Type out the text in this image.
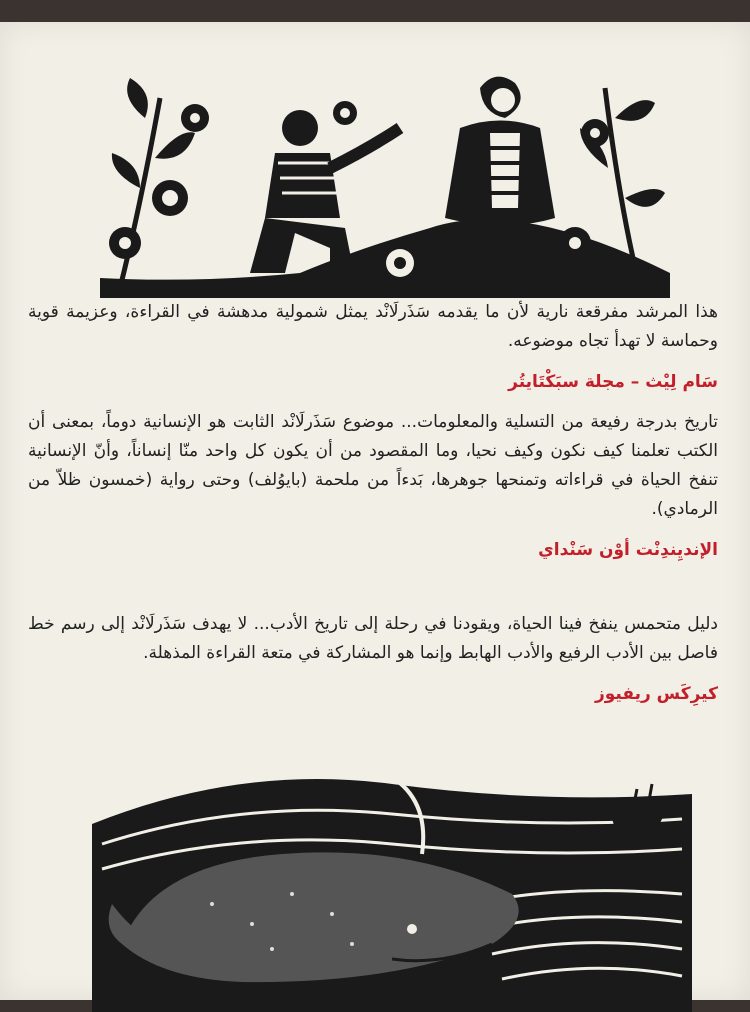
هذا المرشد مفرقعة نارية لأن ما يقدمه سَذَرلَانْد يمثل شمولية مدهشة في القراءة، وعزيمة قوية وحماسة لا تهدأ تجاه موضوعه.

سَام لِيْث – مجلة سبَكْتَايتُر

تاريخ بدرجة رفيعة من التسلية والمعلومات... موضوع سَذَرلَانْد الثابت هو الإنسانية دوماً، بمعنى أن الكتب تعلمنا كيف نكون وكيف نحيا، وما المقصود من أن يكون كل واحد منّا إنساناً، وأنّ الإنسانية تنفخ الحياة في قراءاته وتمنحها جوهرها، بَدءاً من ملحمة (بايوُلف) وحتى رواية (خمسون ظلاّ من الرمادي).

الإنديِندِنْت أوْن سَنْداي

دليل متحمس ينفخ فينا الحياة، ويقودنا في رحلة إلى تاريخ الأدب... لا يهدف سَذَرلَانْد إلى رسم خط فاصل بين الأدب الرفيع والأدب الهابط وإنما هو المشاركة في متعة القراءة المذهلة.

كيرِكَس ريفيوز
